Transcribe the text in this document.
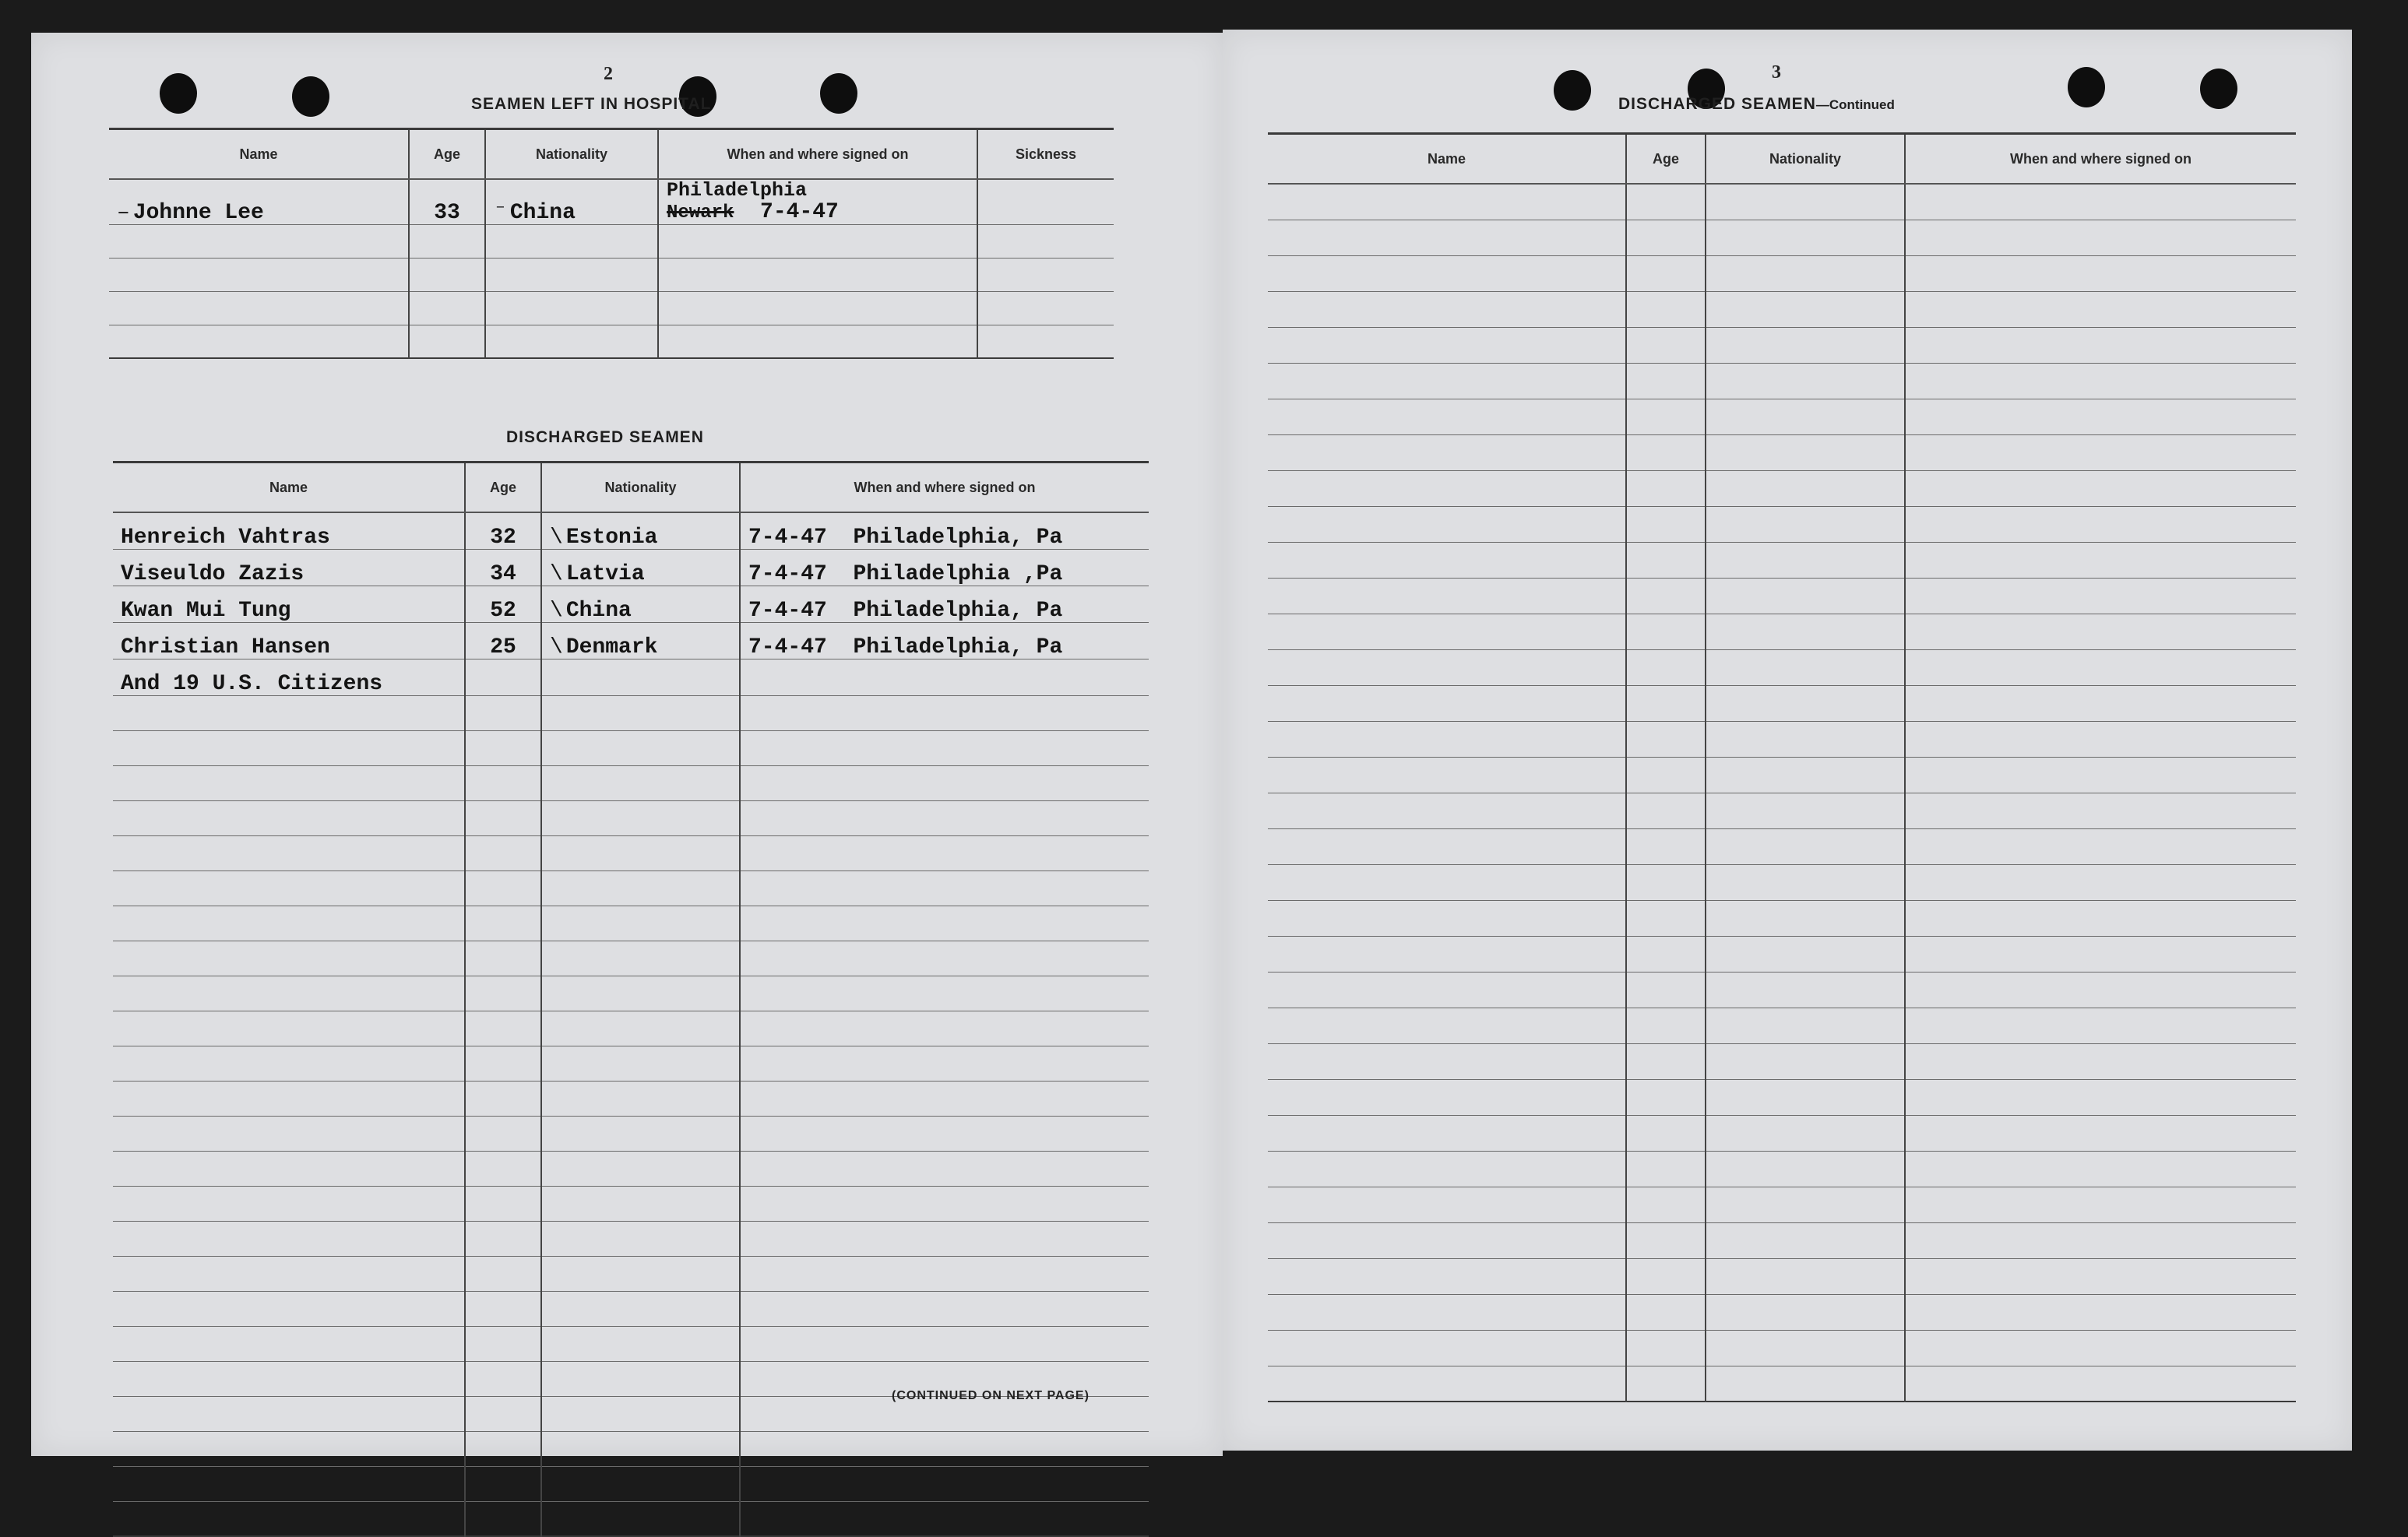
2
SEAMEN LEFT IN HOSPITAL
Name	Age	Nationality	When and where signed on	Sickness
‒ Johnne Lee	33	⁻ China	Philadelphia
Newark 7-4-47	

DISCHARGED SEAMEN
Name	Age	Nationality	When and where signed on
Henreich Vahtras	32	\ Estonia	7-4-47 Philadelphia, Pa
Viseuldo Zazis	34	\ Latvia	7-4-47 Philadelphia ,Pa
Kwan Mui Tung	52	\ China	7-4-47 Philadelphia, Pa
Christian Hansen	25	\ Denmark	7-4-47 Philadelphia, Pa
And 19 U.S. Citizens			

(CONTINUED ON NEXT PAGE)
3
DISCHARGED SEAMEN—Continued
Name	Age	Nationality	When and where signed on
